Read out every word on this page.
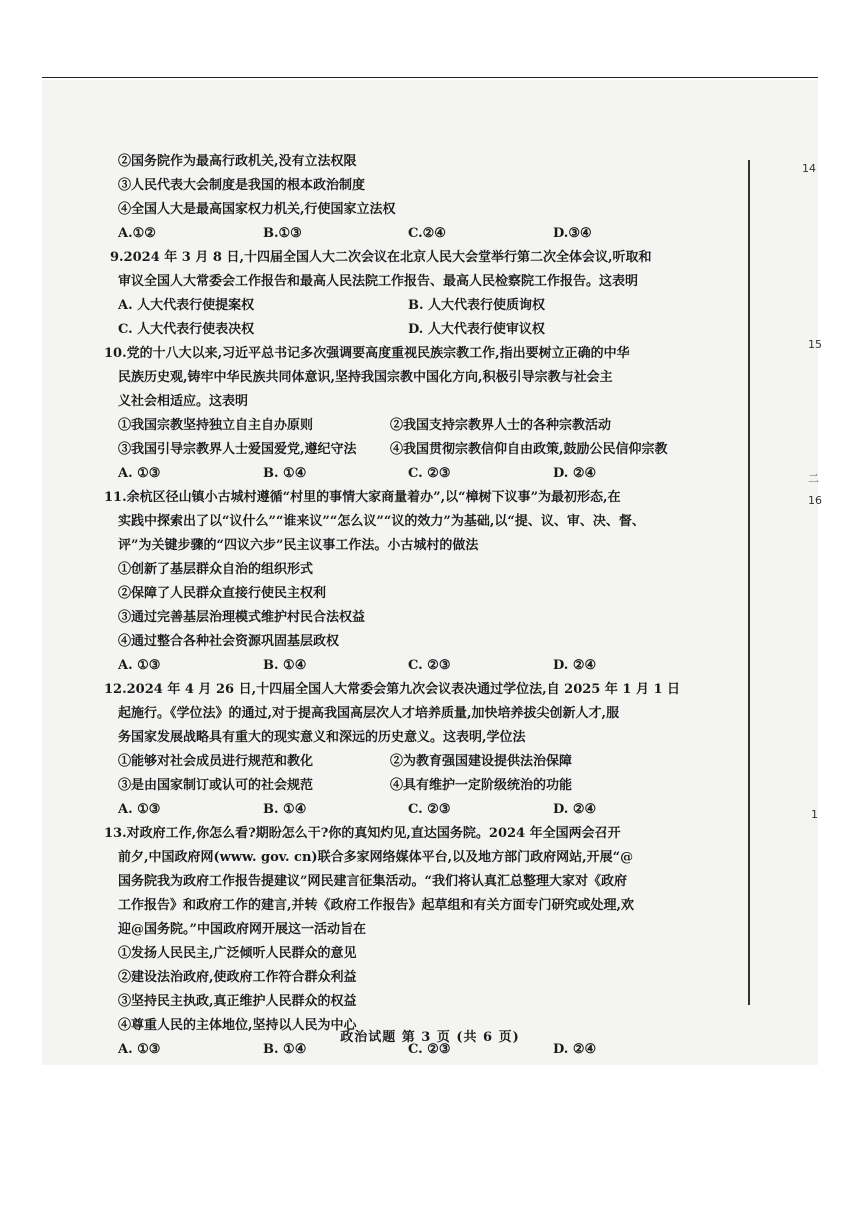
14
15
二
16
1
②国务院作为最高行政机关,没有立法权限
③人民代表大会制度是我国的根本政治制度
④全国人大是最高国家权力机关,行使国家立法权
A.①②	B.①③	C.②④	D.③④
9.2024 年 3 月 8 日,十四届全国人大二次会议在北京人民大会堂举行第二次全体会议,听取和
审议全国人大常委会工作报告和最高人民法院工作报告、最高人民检察院工作报告。这表明
A. 人大代表行使提案权	B. 人大代表行使质询权
C. 人大代表行使表决权	D. 人大代表行使审议权
10.党的十八大以来,习近平总书记多次强调要高度重视民族宗教工作,指出要树立正确的中华
民族历史观,铸牢中华民族共同体意识,坚持我国宗教中国化方向,积极引导宗教与社会主
义社会相适应。这表明
①我国宗教坚持独立自主自办原则	②我国支持宗教界人士的各种宗教活动
③我国引导宗教界人士爱国爱党,遵纪守法	④我国贯彻宗教信仰自由政策,鼓励公民信仰宗教
A. ①③	B. ①④	C. ②③	D. ②④
11.余杭区径山镇小古城村遵循“村里的事情大家商量着办”,以“樟树下议事”为最初形态,在
实践中探索出了以“议什么”“谁来议”“怎么议”“议的效力”为基础,以“提、议、审、决、督、
评”为关键步骤的“四议六步”民主议事工作法。小古城村的做法
①创新了基层群众自治的组织形式
②保障了人民群众直接行使民主权利
③通过完善基层治理模式维护村民合法权益
④通过整合各种社会资源巩固基层政权
A. ①③	B. ①④	C. ②③	D. ②④
12.2024 年 4 月 26 日,十四届全国人大常委会第九次会议表决通过学位法,自 2025 年 1 月 1 日
起施行。《学位法》的通过,对于提高我国高层次人才培养质量,加快培养拔尖创新人才,服
务国家发展战略具有重大的现实意义和深远的历史意义。这表明,学位法
①能够对社会成员进行规范和教化	②为教育强国建设提供法治保障
③是由国家制订或认可的社会规范	④具有维护一定阶级统治的功能
A. ①③	B. ①④	C. ②③	D. ②④
13.对政府工作,你怎么看?期盼怎么干?你的真知灼见,直达国务院。2024 年全国两会召开
前夕,中国政府网(www. gov. cn)联合多家网络媒体平台,以及地方部门政府网站,开展“@
国务院我为政府工作报告提建议”网民建言征集活动。“我们将认真汇总整理大家对《政府
工作报告》和政府工作的建言,并转《政府工作报告》起草组和有关方面专门研究或处理,欢
迎@国务院。”中国政府网开展这一活动旨在
①发扬人民民主,广泛倾听人民群众的意见
②建设法治政府,使政府工作符合群众利益
③坚持民主执政,真正维护人民群众的权益
④尊重人民的主体地位,坚持以人民为中心
A. ①③	B. ①④	C. ②③	D. ②④
政治试题 第 3 页 (共 6 页)
